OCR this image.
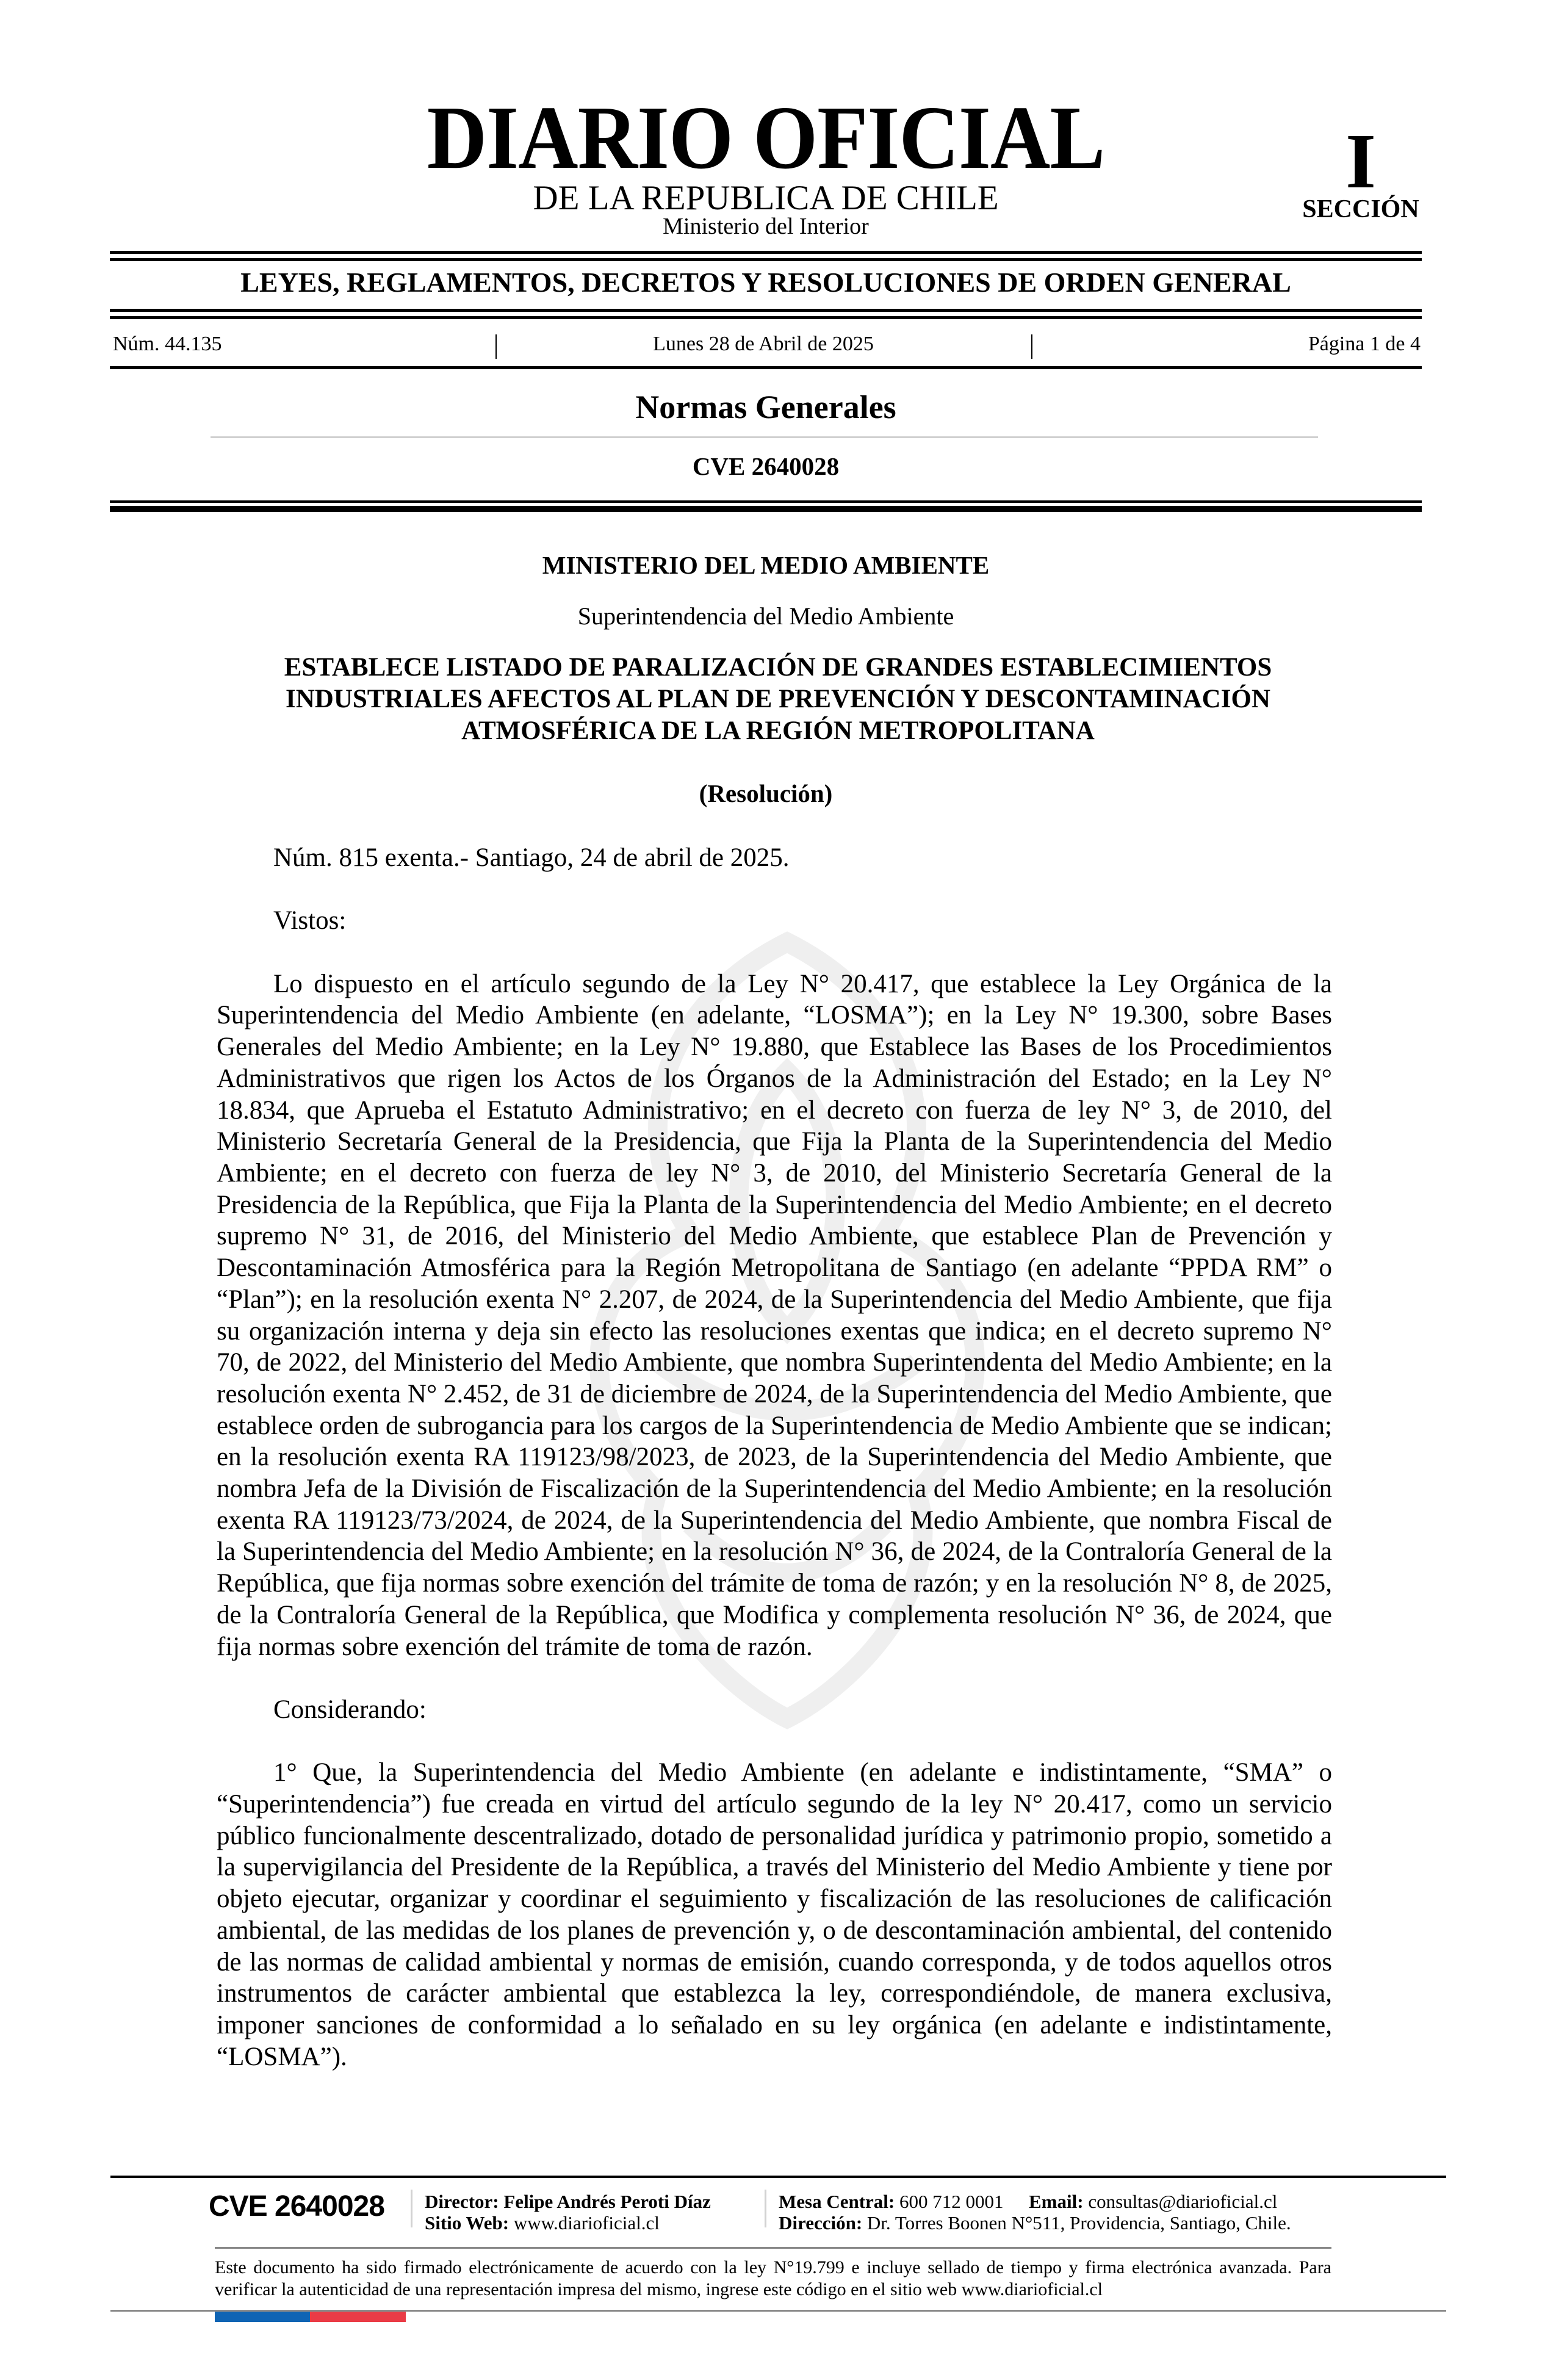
DIARIO OFICIAL
DE LA REPUBLICA DE CHILE
Ministerio del Interior
I
SECCIÓN
LEYES, REGLAMENTOS, DECRETOS Y RESOLUCIONES DE ORDEN GENERAL
Núm. 44.135	Lunes 28 de Abril de 2025	Página 1 de 4
Normas Generales
CVE 2640028
MINISTERIO DEL MEDIO AMBIENTE
Superintendencia del Medio Ambiente
ESTABLECE LISTADO DE PARALIZACIÓN DE GRANDES ESTABLECIMIENTOS INDUSTRIALES AFECTOS AL PLAN DE PREVENCIÓN Y DESCONTAMINACIÓN ATMOSFÉRICA DE LA REGIÓN METROPOLITANA
(Resolución)

Núm. 815 exenta.- Santiago, 24 de abril de 2025.

Vistos:

Lo dispuesto en el artículo segundo de la Ley N° 20.417, que establece la Ley Orgánica de la Superintendencia del Medio Ambiente (en adelante, “LOSMA”); en la Ley N° 19.300, sobre Bases Generales del Medio Ambiente; en la Ley N° 19.880, que Establece las Bases de los Procedimientos Administrativos que rigen los Actos de los Órganos de la Administración del Estado; en la Ley N° 18.834, que Aprueba el Estatuto Administrativo; en el decreto con fuerza de ley N° 3, de 2010, del Ministerio Secretaría General de la Presidencia, que Fija la Planta de la Superintendencia del Medio Ambiente; en el decreto con fuerza de ley N° 3, de 2010, del Ministerio Secretaría General de la Presidencia de la República, que Fija la Planta de la Superintendencia del Medio Ambiente; en el decreto supremo N° 31, de 2016, del Ministerio del Medio Ambiente, que establece Plan de Prevención y Descontaminación Atmosférica para la Región Metropolitana de Santiago (en adelante “PPDA RM” o “Plan”); en la resolución exenta N° 2.207, de 2024, de la Superintendencia del Medio Ambiente, que fija su organización interna y deja sin efecto las resoluciones exentas que indica; en el decreto supremo N° 70, de 2022, del Ministerio del Medio Ambiente, que nombra Superintendenta del Medio Ambiente; en la resolución exenta N° 2.452, de 31 de diciembre de 2024, de la Superintendencia del Medio Ambiente, que establece orden de subrogancia para los cargos de la Superintendencia de Medio Ambiente que se indican; en la resolución exenta RA 119123/98/2023, de 2023, de la Superintendencia del Medio Ambiente, que nombra Jefa de la División de Fiscalización de la Superintendencia del Medio Ambiente; en la resolución exenta RA 119123/73/2024, de 2024, de la Superintendencia del Medio Ambiente, que nombra Fiscal de la Superintendencia del Medio Ambiente; en la resolución N° 36, de 2024, de la Contraloría General de la República, que fija normas sobre exención del trámite de toma de razón; y en la resolución N° 8, de 2025, de la Contraloría General de la República, que Modifica y complementa resolución N° 36, de 2024, que fija normas sobre exención del trámite de toma de razón.

Considerando:

1° Que, la Superintendencia del Medio Ambiente (en adelante e indistintamente, “SMA” o “Superintendencia”) fue creada en virtud del artículo segundo de la ley N° 20.417, como un servicio público funcionalmente descentralizado, dotado de personalidad jurídica y patrimonio propio, sometido a la supervigilancia del Presidente de la República, a través del Ministerio del Medio Ambiente y tiene por objeto ejecutar, organizar y coordinar el seguimiento y fiscalización de las resoluciones de calificación ambiental, de las medidas de los planes de prevención y, o de descontaminación ambiental, del contenido de las normas de calidad ambiental y normas de emisión, cuando corresponda, y de todos aquellos otros instrumentos de carácter ambiental que establezca la ley, correspondiéndole, de manera exclusiva, imponer sanciones de conformidad a lo señalado en su ley orgánica (en adelante e indistintamente, “LOSMA”).

CVE 2640028 Director: Felipe Andrés Peroti Díaz
Sitio Web: www.diarioficial.cl
Mesa Central: 600 712 0001 Email: consultas@diarioficial.cl
Dirección: Dr. Torres Boonen N°511, Providencia, Santiago, Chile.
Este documento ha sido firmado electrónicamente de acuerdo con la ley N°19.799 e incluye sellado de tiempo y firma electrónica avanzada. Para verificar la autenticidad de una representación impresa del mismo, ingrese este código en el sitio web www.diarioficial.cl
